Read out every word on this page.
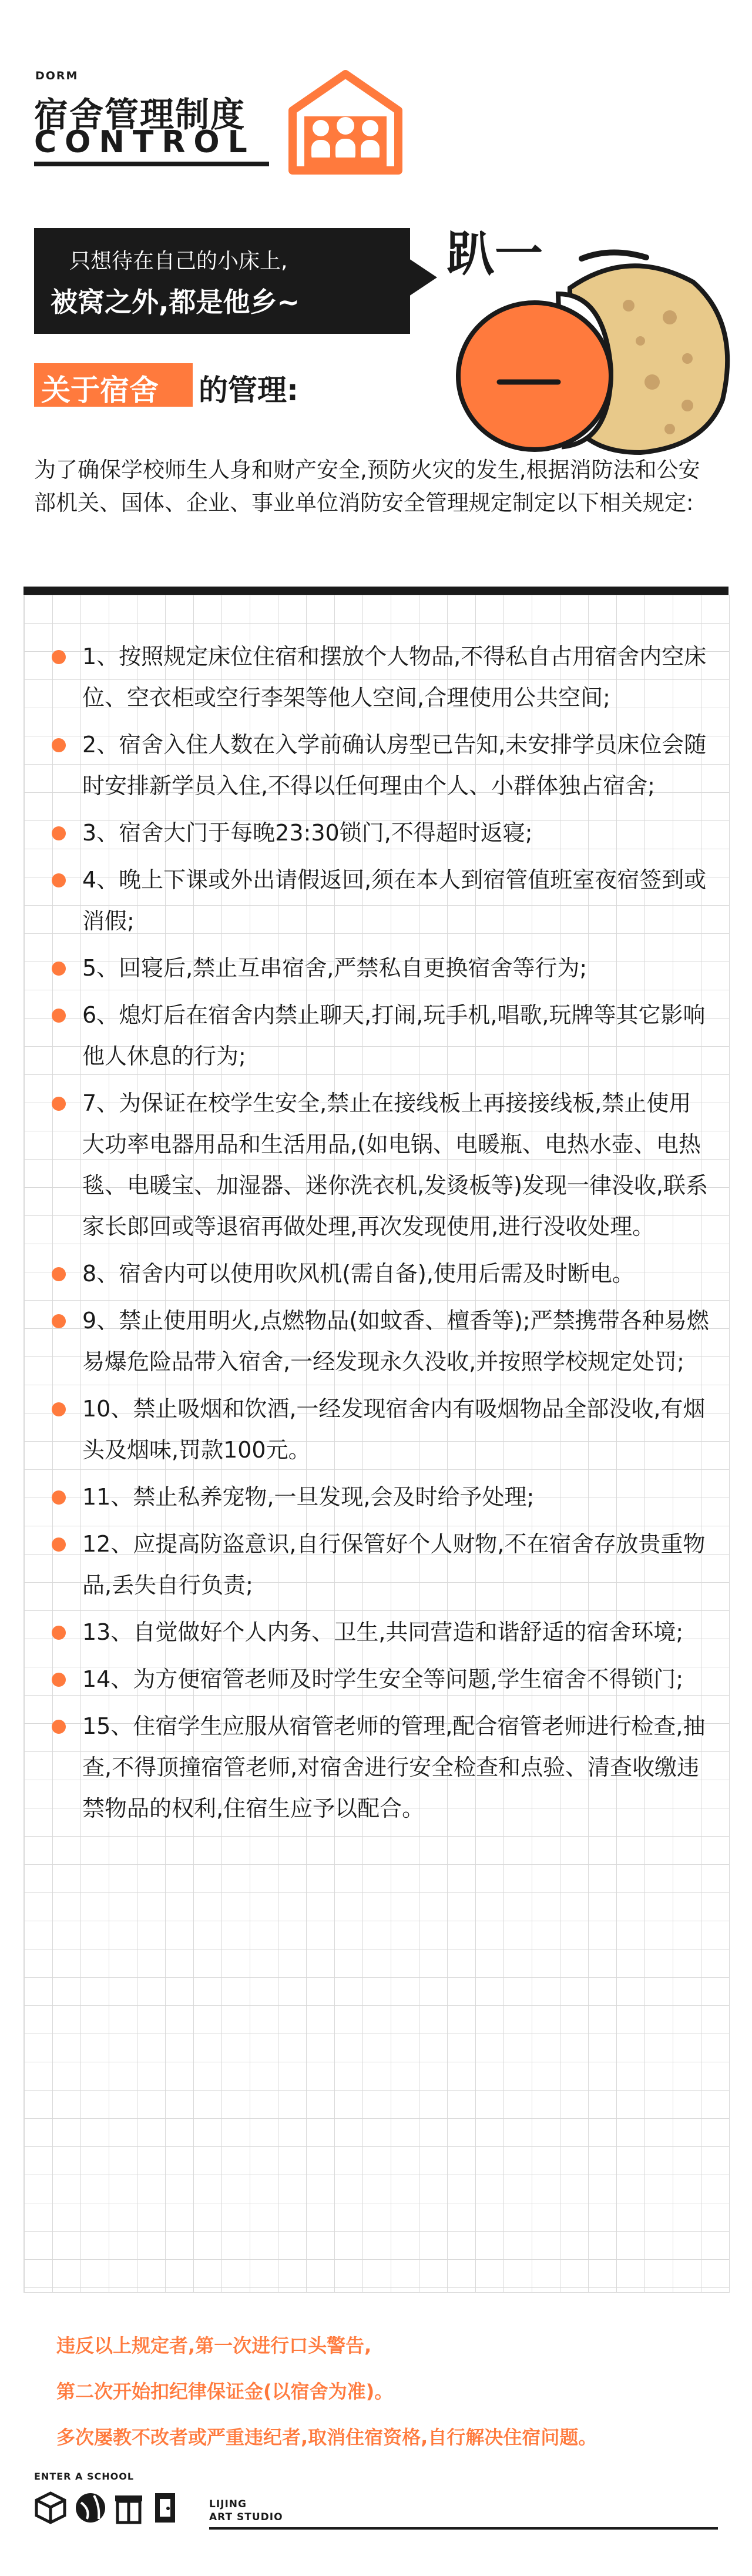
DORM
宿舍管理制度
CONTROL
只想待在自己的小床上,
被窝之外,都是他乡~
趴一
关于宿舍 的管理:
为了确保学校师生人身和财产安全,预防火灾的发生,根据消防法和公安部机关、国体、企业、事业单位消防安全管理规定制定以下相关规定:
1、按照规定床位住宿和摆放个人物品,不得私自占用宿舍内空床位、空衣柜或空行李架等他人空间,合理使用公共空间;
2、宿舍入住人数在入学前确认房型已告知,未安排学员床位会随时安排新学员入住,不得以任何理由个人、小群体独占宿舍;
3、宿舍大门于每晚23:30锁门,不得超时返寝;
4、晚上下课或外出请假返回,须在本人到宿管值班室夜宿签到或消假;
5、回寝后,禁止互串宿舍,严禁私自更换宿舍等行为;
6、熄灯后在宿舍内禁止聊天,打闹,玩手机,唱歌,玩牌等其它影响他人休息的行为;
7、为保证在校学生安全,禁止在接线板上再接接线板,禁止使用大功率电器用品和生活用品,(如电锅、电暖瓶、电热水壶、电热毯、电暖宝、加湿器、迷你洗衣机,发烫板等)发现一律没收,联系家长郎回或等退宿再做处理,再次发现使用,进行没收处理。
8、宿舍内可以使用吹风机(需自备),使用后需及时断电。
9、禁止使用明火,点燃物品(如蚊香、檀香等);严禁携带各种易燃易爆危险品带入宿舍,一经发现永久没收,并按照学校规定处罚;
10、禁止吸烟和饮酒,一经发现宿舍内有吸烟物品全部没收,有烟头及烟味,罚款100元。
11、禁止私养宠物,一旦发现,会及时给予处理;
12、应提高防盗意识,自行保管好个人财物,不在宿舍存放贵重物品,丢失自行负责;
13、自觉做好个人内务、卫生,共同营造和谐舒适的宿舍环境;
14、为方便宿管老师及时学生安全等问题,学生宿舍不得锁门;
15、住宿学生应服从宿管老师的管理,配合宿管老师进行检查,抽查,不得顶撞宿管老师,对宿舍进行安全检查和点验、清查收缴违禁物品的权利,住宿生应予以配合。
违反以上规定者,第一次进行口头警告,
第二次开始扣纪律保证金(以宿舍为准)。
多次屡教不改者或严重违纪者,取消住宿资格,自行解决住宿问题。
ENTER A SCHOOL
LIJING
ART STUDIO
